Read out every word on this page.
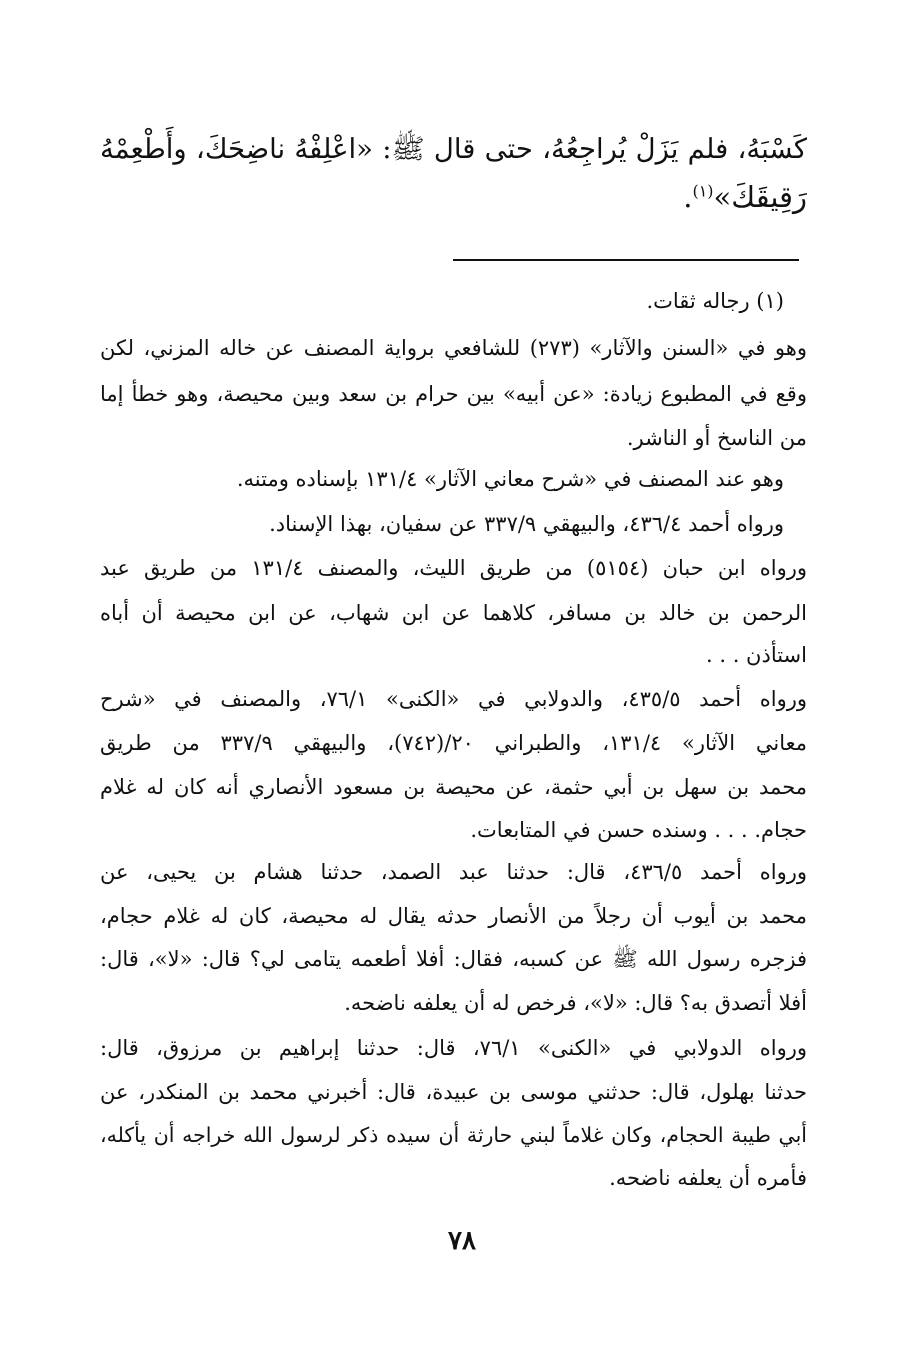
كَسْبَهُ، فلم يَزَلْ يُراجِعُهُ، حتى قال ﷺ: «اعْلِفْهُ ناضِحَكَ، وأَطْعِمْهُ
رَقِيقَكَ»$^{(١)}$.
(١) رجاله ثقات.
وهو في «السنن والآثار» (٢٧٣) للشافعي برواية المصنف عن خاله المزني، لكن
وقع في المطبوع زيادة: «عن أبيه» بين حرام بن سعد وبين محيصة، وهو خطأ إما
من الناسخ أو الناشر.
وهو عند المصنف في «شرح معاني الآثار» ١٣١/٤ بإسناده ومتنه.
ورواه أحمد ٤٣٦/٤، والبيهقي ٣٣٧/٩ عن سفيان، بهذا الإسناد.
ورواه ابن حبان (٥١٥٤) من طريق الليث، والمصنف ١٣١/٤ من طريق عبد
الرحمن بن خالد بن مسافر، كلاهما عن ابن شهاب، عن ابن محيصة أن أباه
استأذن . . .
ورواه أحمد ٤٣٥/٥، والدولابي في «الكنى» ٧٦/١، والمصنف في «شرح
معاني الآثار» ١٣١/٤، والطبراني ٢٠/(٧٤٢)، والبيهقي ٣٣٧/٩ من طريق
محمد بن سهل بن أبي حثمة، عن محيصة بن مسعود الأنصاري أنه كان له غلام
حجام. . . . وسنده حسن في المتابعات.
ورواه أحمد ٤٣٦/٥، قال: حدثنا عبد الصمد، حدثنا هشام بن يحيى، عن
محمد بن أيوب أن رجلاً من الأنصار حدثه يقال له محيصة، كان له غلام حجام،
فزجره رسول الله ﷺ عن كسبه، فقال: أفلا أطعمه يتامى لي؟ قال: «لا»، قال:
أفلا أتصدق به؟ قال: «لا»، فرخص له أن يعلفه ناضحه.
ورواه الدولابي في «الكنى» ٧٦/١، قال: حدثنا إبراهيم بن مرزوق، قال:
حدثنا بهلول، قال: حدثني موسى بن عبيدة، قال: أخبرني محمد بن المنكدر، عن
أبي طيبة الحجام، وكان غلاماً لبني حارثة أن سيده ذكر لرسول الله خراجه أن يأكله،
فأمره أن يعلفه ناضحه.
٧٨
